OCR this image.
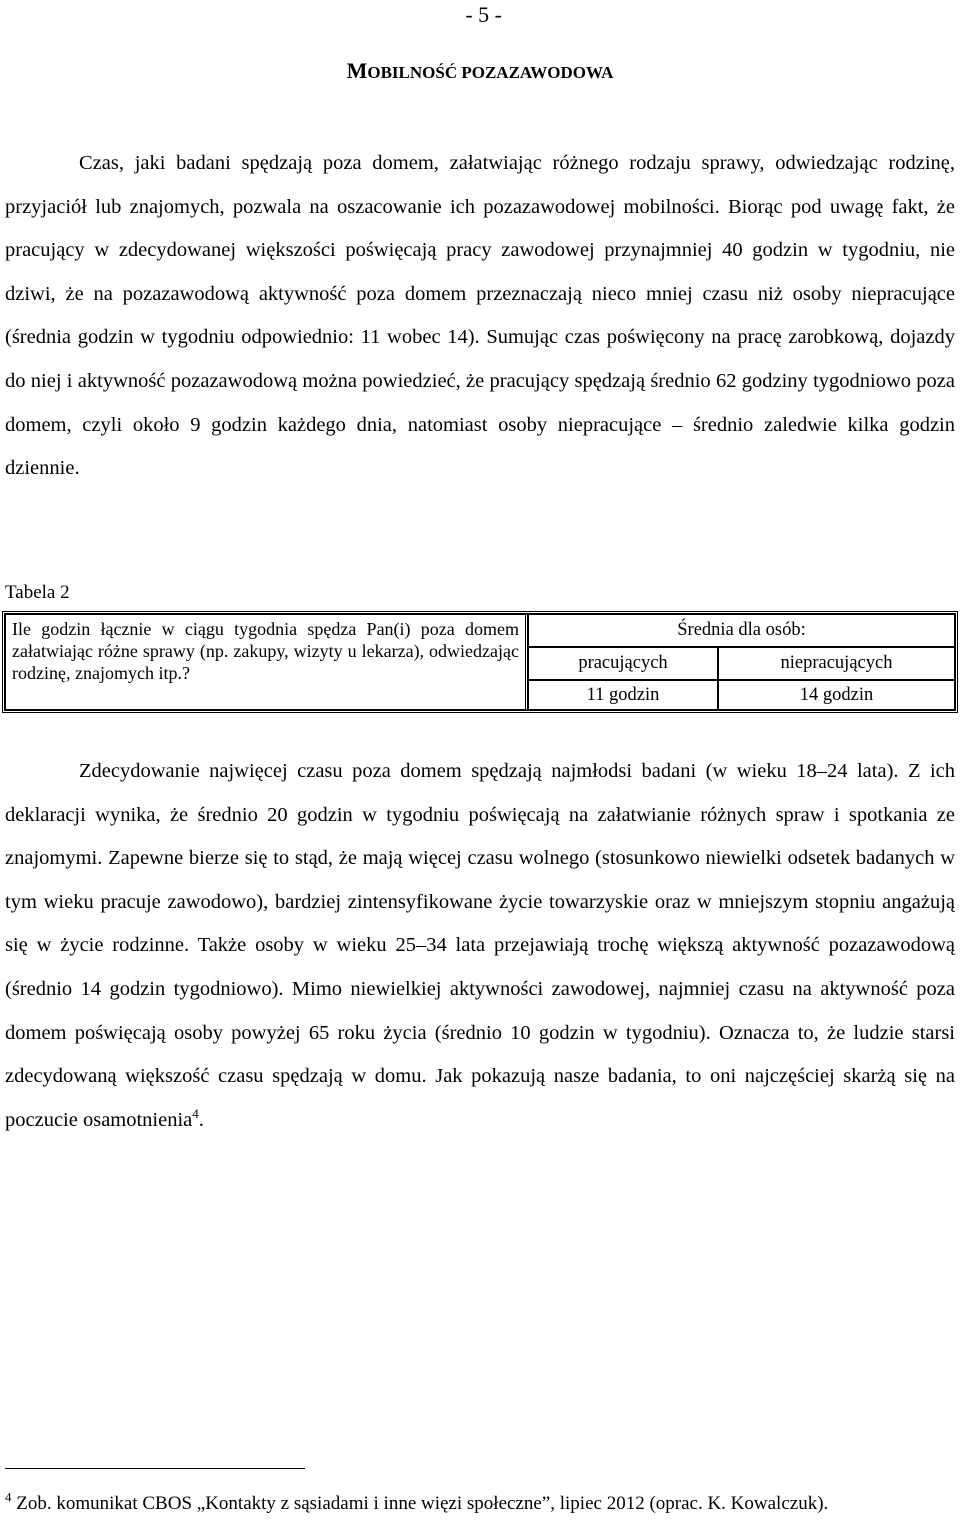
- 5 -
MOBILNOŚĆ POZAZAWODOWA

Czas, jaki badani spędzają poza domem, załatwiając różnego rodzaju sprawy, odwiedzając rodzinę, przyjaciół lub znajomych, pozwala na oszacowanie ich pozazawodowej mobilności. Biorąc pod uwagę fakt, że pracujący w zdecydowanej większości poświęcają pracy zawodowej przynajmniej 40 godzin w tygodniu, nie dziwi, że na pozazawodową aktywność poza domem przeznaczają nieco mniej czasu niż osoby niepracujące (średnia godzin w tygodniu odpowiednio: 11 wobec 14). Sumując czas poświęcony na pracę zarobkową, dojazdy do niej i aktywność pozazawodową można powiedzieć, że pracujący spędzają średnio 62 godziny tygodniowo poza domem, czyli około 9 godzin każdego dnia, natomiast osoby niepracujące – średnio zaledwie kilka godzin dziennie.

Tabela 2
Ile godzin łącznie w ciągu tygodnia spędza Pan(i) poza domem załatwiając różne sprawy (np. zakupy, wizyty u lekarza), odwiedzając rodzinę, znajomych itp.?	Średnia dla osób:	
	pracujących	niepracujących
	11 godzin	14 godzin

Zdecydowanie najwięcej czasu poza domem spędzają najmłodsi badani (w wieku 18–24 lata). Z ich deklaracji wynika, że średnio 20 godzin w tygodniu poświęcają na załatwianie różnych spraw i spotkania ze znajomymi. Zapewne bierze się to stąd, że mają więcej czasu wolnego (stosunkowo niewielki odsetek badanych w tym wieku pracuje zawodowo), bardziej zintensyfikowane życie towarzyskie oraz w mniejszym stopniu angażują się w życie rodzinne. Także osoby w wieku 25–34 lata przejawiają trochę większą aktywność pozazawodową (średnio 14 godzin tygodniowo). Mimo niewielkiej aktywności zawodowej, najmniej czasu na aktywność poza domem poświęcają osoby powyżej 65 roku życia (średnio 10 godzin w tygodniu). Oznacza to, że ludzie starsi zdecydowaną większość czasu spędzają w domu. Jak pokazują nasze badania, to oni najczęściej skarżą się na poczucie osamotnienia$^4$.

$^4$ Zob. komunikat CBOS „Kontakty z sąsiadami i inne więzi społeczne”, lipiec 2012 (oprac. K. Kowalczuk).
